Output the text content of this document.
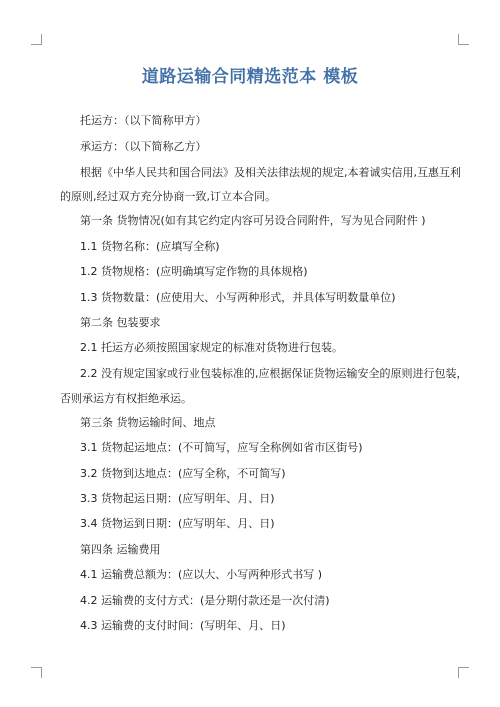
道路运输合同精选范本 模板
托运方：（以下简称甲方）
承运方：（以下简称乙方）
根据《中华人民共和国合同法》及相关法律法规的规定,本着诚实信用,互惠互利
的原则,经过双方充分协商一致,订立本合同。
第一条 货物情况(如有其它约定内容可另设合同附件，写为见合同附件 )
1.1 货物名称：(应填写全称)
1.2 货物规格：(应明确填写定作物的具体规格)
1.3 货物数量：(应使用大、小写两种形式，并具体写明数量单位)
第二条 包装要求
2.1 托运方必须按照国家规定的标准对货物进行包装。
2.2 没有规定国家或行业包装标准的,应根据保证货物运输安全的原则进行包装，
否则承运方有权拒绝承运。
第三条 货物运输时间、地点
3.1 货物起运地点：(不可简写，应写全称例如省市区街号)
3.2 货物到达地点：(应写全称，不可简写)
3.3 货物起运日期：(应写明年、月、日)
3.4 货物运到日期：(应写明年、月、日)
第四条 运输费用
4.1 运输费总额为：(应以大、小写两种形式书写 )
4.2 运输费的支付方式：(是分期付款还是一次付清)
4.3 运输费的支付时间：(写明年、月、日)
